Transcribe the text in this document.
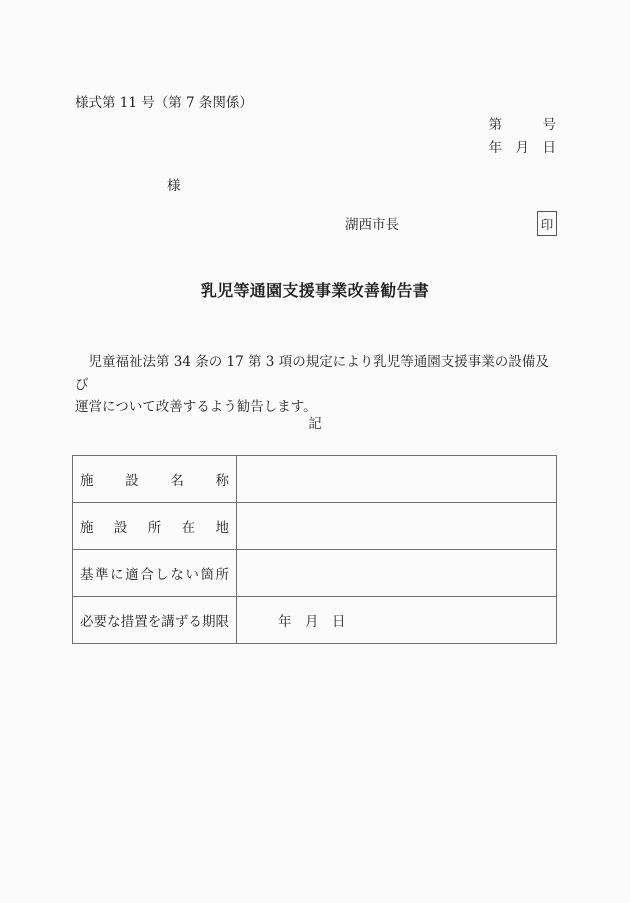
様式第 11 号（第 7 条関係）
第　　　号
年　月　日
様
湖西市長	印
乳児等通園支援事業改善勧告書
児童福祉法第 34 条の 17 第 3 項の規定により乳児等通園支援事業の設備及び
運営について改善するよう勧告します。
記
施設名称	
施設所在地	
基準に適合しない箇所	
必要な措置を講ずる期限	年　月　日
